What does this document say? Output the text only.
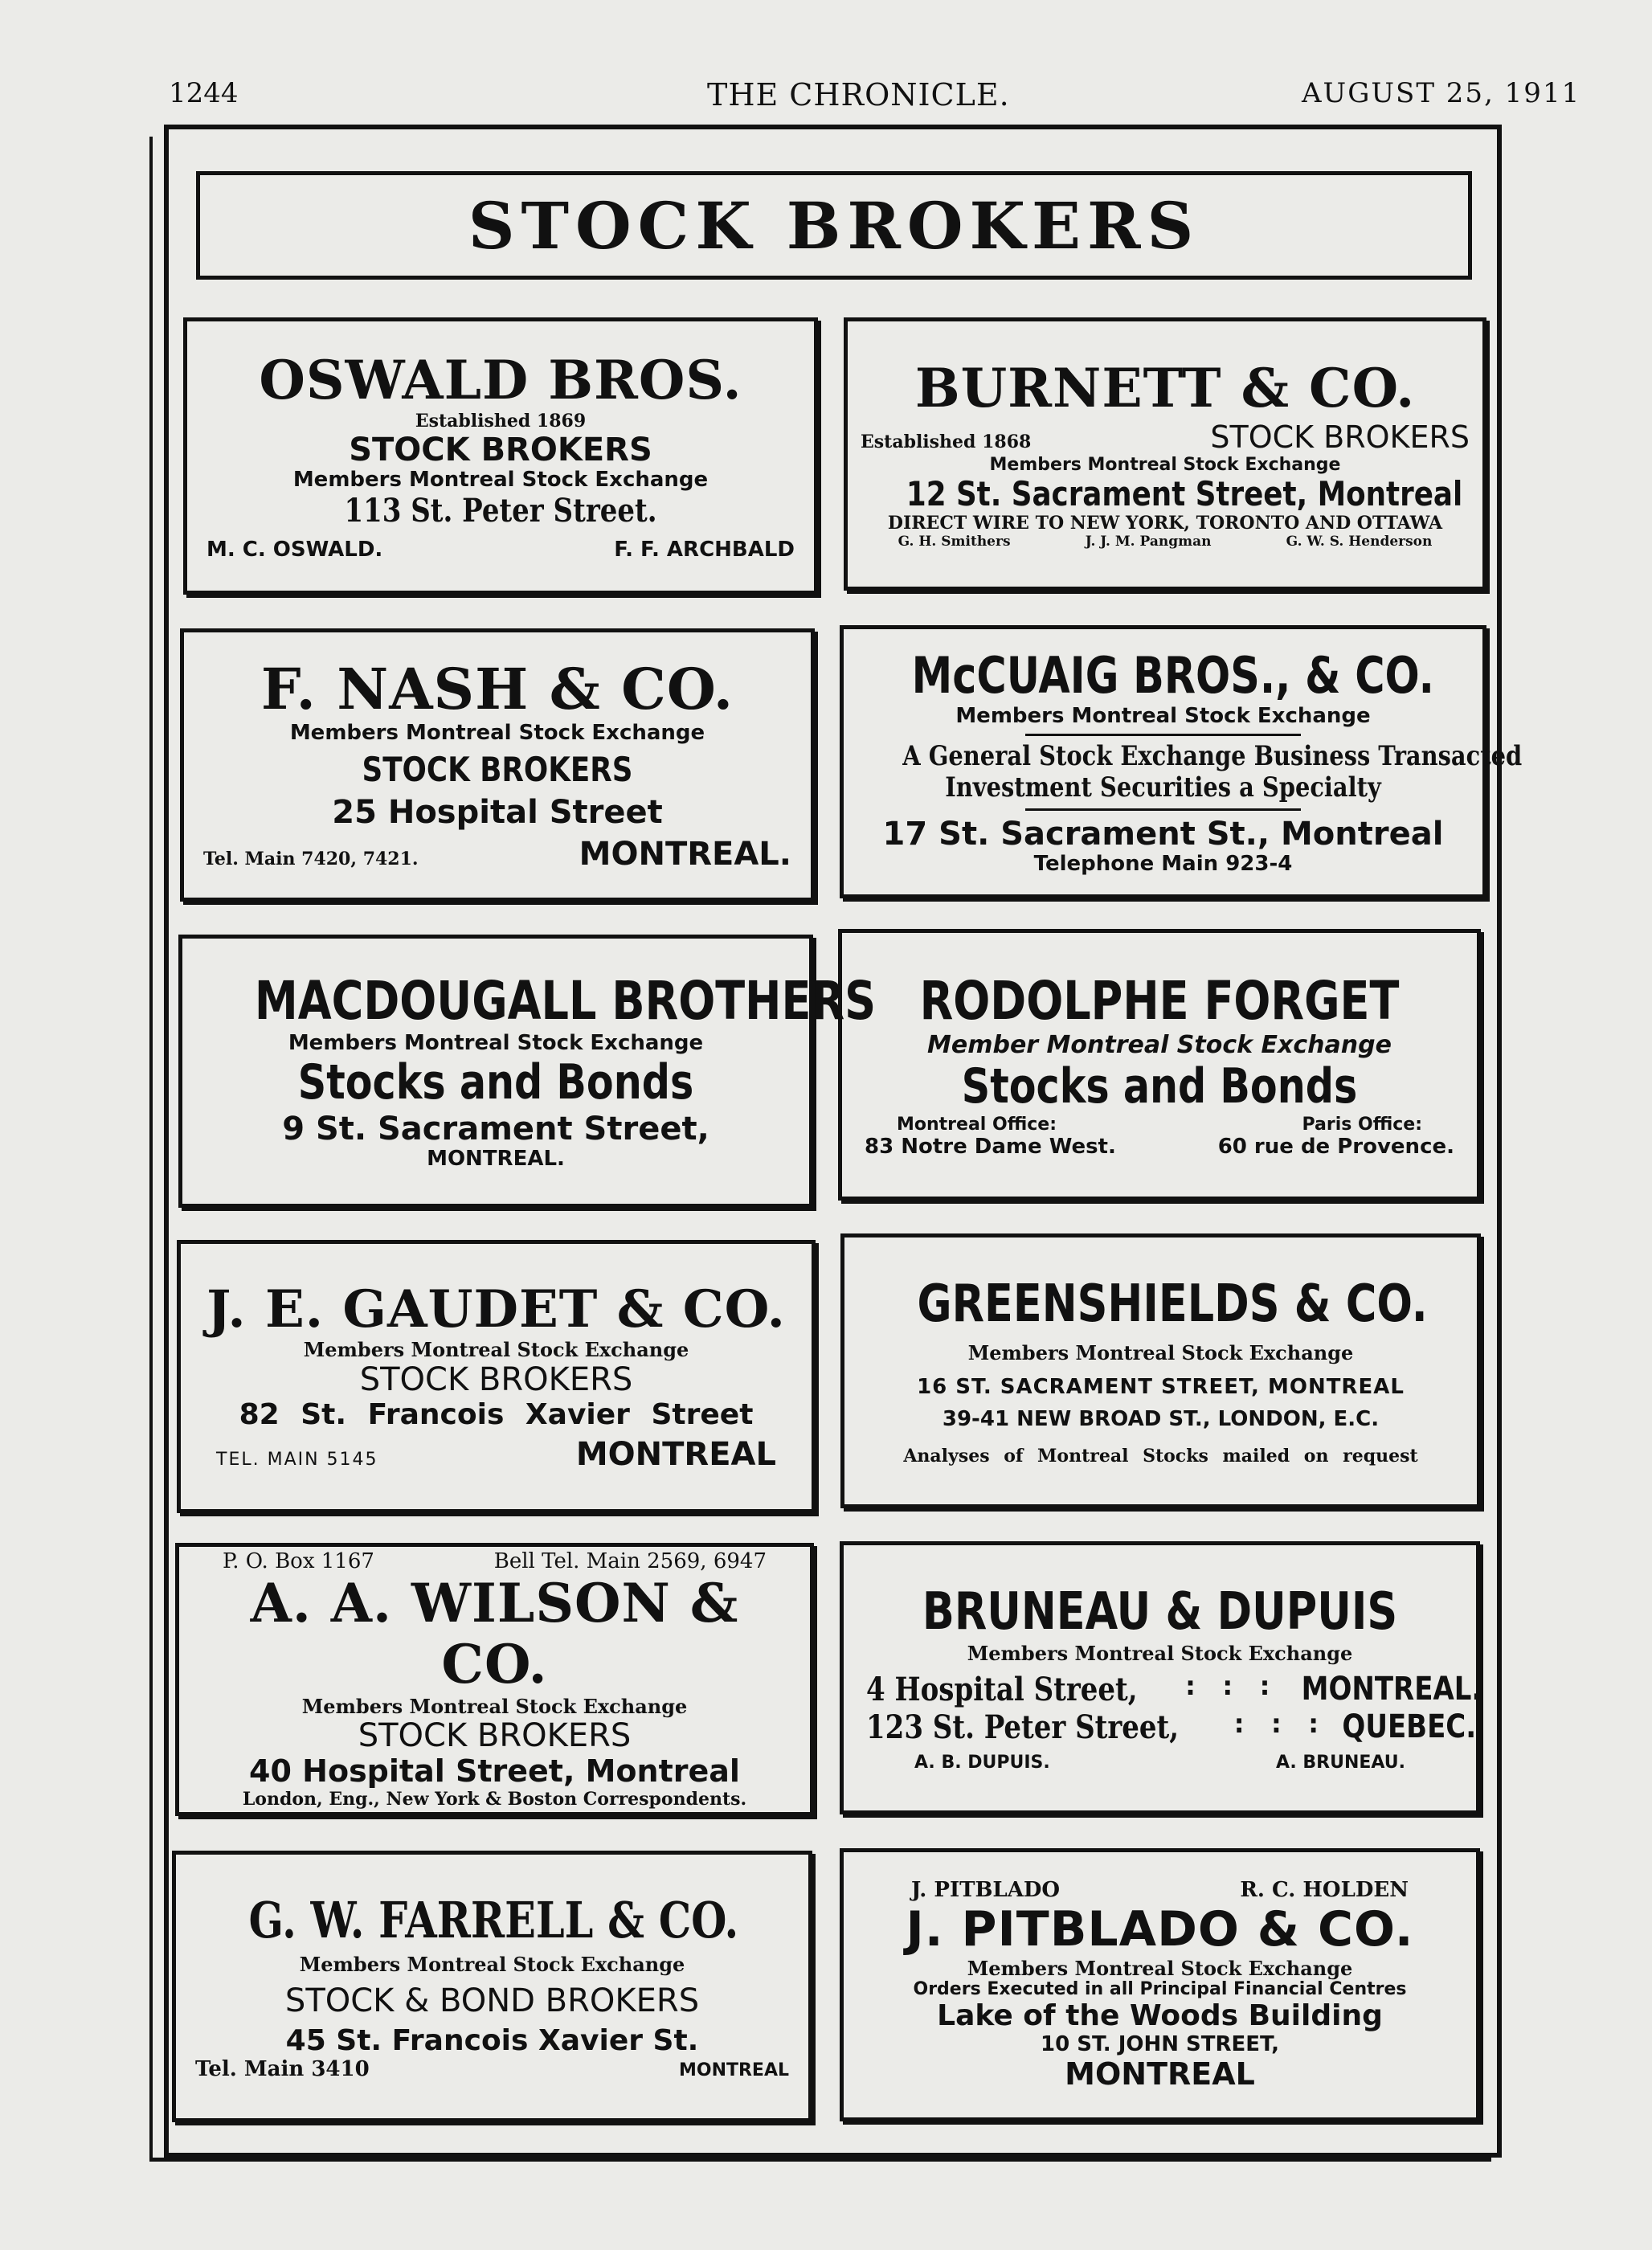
1244	THE CHRONICLE.	AUGUST 25, 1911
STOCK BROKERS
OSWALD BROS.
Established 1869
STOCK BROKERS
Members Montreal Stock Exchange
113 St. Peter Street.
M. C. OSWALD.	F. F. ARCHBALD
BURNETT & CO.
Established 1868	STOCK BROKERS
Members Montreal Stock Exchange
12 St. Sacrament Street, Montreal
DIRECT WIRE TO NEW YORK, TORONTO AND OTTAWA
G. H. Smithers	J. J. M. Pangman	G. W. S. Henderson
F. NASH & CO.
Members Montreal Stock Exchange
STOCK BROKERS
25 Hospital Street
Tel. Main 7420, 7421.	MONTREAL.
McCUAIG BROS., & CO.
Members Montreal Stock Exchange
A General Stock Exchange Business Transacted
Investment Securities a Specialty
17 St. Sacrament St., Montreal
Telephone Main 923-4
MACDOUGALL BROTHERS
Members Montreal Stock Exchange
Stocks and Bonds
9 St. Sacrament Street,
MONTREAL.
RODOLPHE FORGET
Member Montreal Stock Exchange
Stocks and Bonds
Montreal Office:	Paris Office:
83 Notre Dame West.	60 rue de Provence.
J. E. GAUDET & CO.
Members Montreal Stock Exchange
STOCK BROKERS
82 St. Francois Xavier Street
TEL. MAIN 5145	MONTREAL
GREENSHIELDS & CO.
Members Montreal Stock Exchange
16 ST. SACRAMENT STREET, MONTREAL
39-41 NEW BROAD ST., LONDON, E.C.
Analyses of Montreal Stocks mailed on request
P. O. Box 1167	Bell Tel. Main 2569, 6947
A. A. WILSON & CO.
Members Montreal Stock Exchange
STOCK BROKERS
40 Hospital Street, Montreal
London, Eng., New York & Boston Correspondents.
BRUNEAU & DUPUIS
Members Montreal Stock Exchange
4 Hospital Street, :   :   : MONTREAL.
123 St. Peter Street, :   :   : QUEBEC.
A. B. DUPUIS.	A. BRUNEAU.
G. W. FARRELL & CO.
Members Montreal Stock Exchange
STOCK & BOND BROKERS
45 St. Francois Xavier St.
Tel. Main 3410	MONTREAL
J. PITBLADO	R. C. HOLDEN
J. PITBLADO & CO.
Members Montreal Stock Exchange
Orders Executed in all Principal Financial Centres
Lake of the Woods Building
10 ST. JOHN STREET,
MONTREAL
